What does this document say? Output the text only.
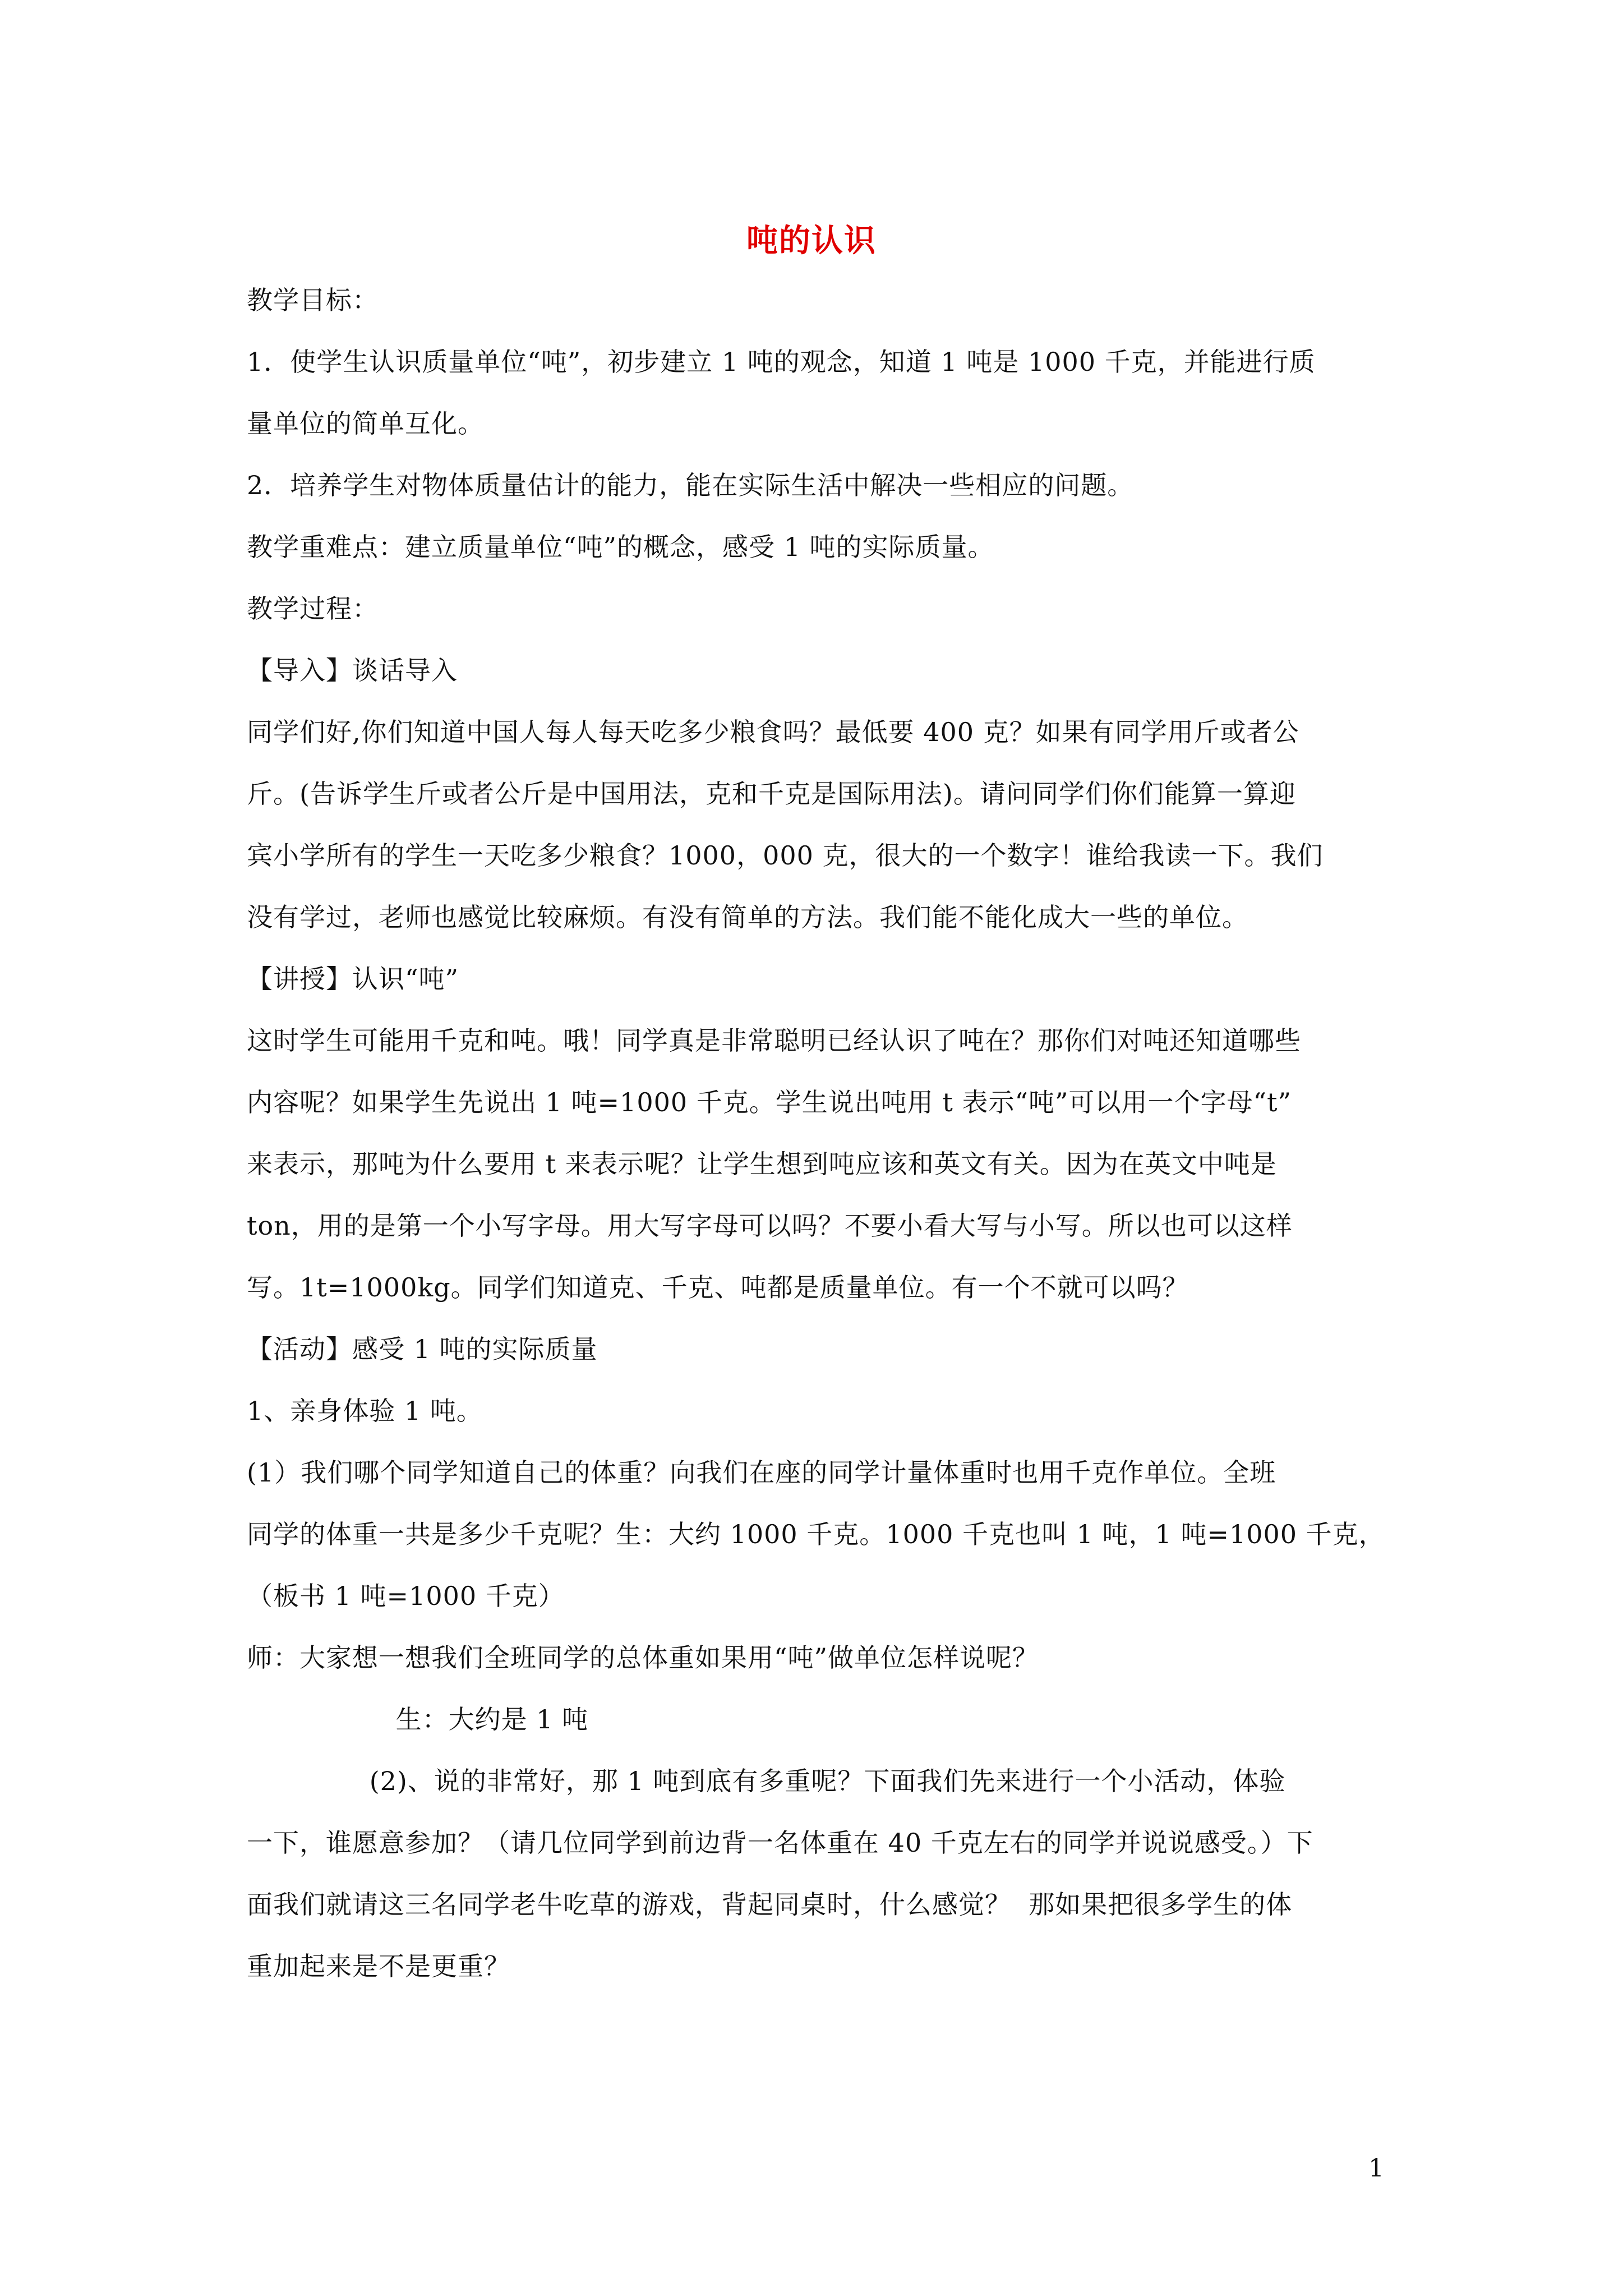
吨的认识
教学目标：
1．使学生认识质量单位“吨”，初步建立 1 吨的观念，知道 1 吨是 1000 千克，并能进行质
量单位的简单互化。
2．培养学生对物体质量估计的能力，能在实际生活中解决一些相应的问题。
教学重难点：建立质量单位“吨”的概念，感受 1 吨的实际质量。
教学过程：
【导入】谈话导入
同学们好,你们知道中国人每人每天吃多少粮食吗？最低要 400 克？如果有同学用斤或者公
斤。(告诉学生斤或者公斤是中国用法，克和千克是国际用法)。请问同学们你们能算一算迎
宾小学所有的学生一天吃多少粮食？1000，000 克，很大的一个数字！谁给我读一下。我们
没有学过，老师也感觉比较麻烦。有没有简单的方法。我们能不能化成大一些的单位。
【讲授】认识“吨”
这时学生可能用千克和吨。哦！同学真是非常聪明已经认识了吨在？那你们对吨还知道哪些
内容呢？如果学生先说出 1 吨=1000 千克。学生说出吨用 t 表示“吨”可以用一个字母“t”
来表示，那吨为什么要用 t 来表示呢？让学生想到吨应该和英文有关。因为在英文中吨是
ton，用的是第一个小写字母。用大写字母可以吗？不要小看大写与小写。所以也可以这样
写。1t=1000kg。同学们知道克、千克、吨都是质量单位。有一个不就可以吗？
【活动】感受 1 吨的实际质量
1、亲身体验 1 吨。
(1）我们哪个同学知道自己的体重？向我们在座的同学计量体重时也用千克作单位。全班
同学的体重一共是多少千克呢？生：大约 1000 千克。1000 千克也叫 1 吨，1 吨=1000 千克，
（板书 1 吨=1000 千克）
师：大家想一想我们全班同学的总体重如果用“吨”做单位怎样说呢？
生：大约是 1 吨
(2)、说的非常好，那 1 吨到底有多重呢？下面我们先来进行一个小活动，体验
一下，谁愿意参加？（请几位同学到前边背一名体重在 40 千克左右的同学并说说感受。）下
面我们就请这三名同学老牛吃草的游戏，背起同桌时，什么感觉？  那如果把很多学生的体
重加起来是不是更重？
1
